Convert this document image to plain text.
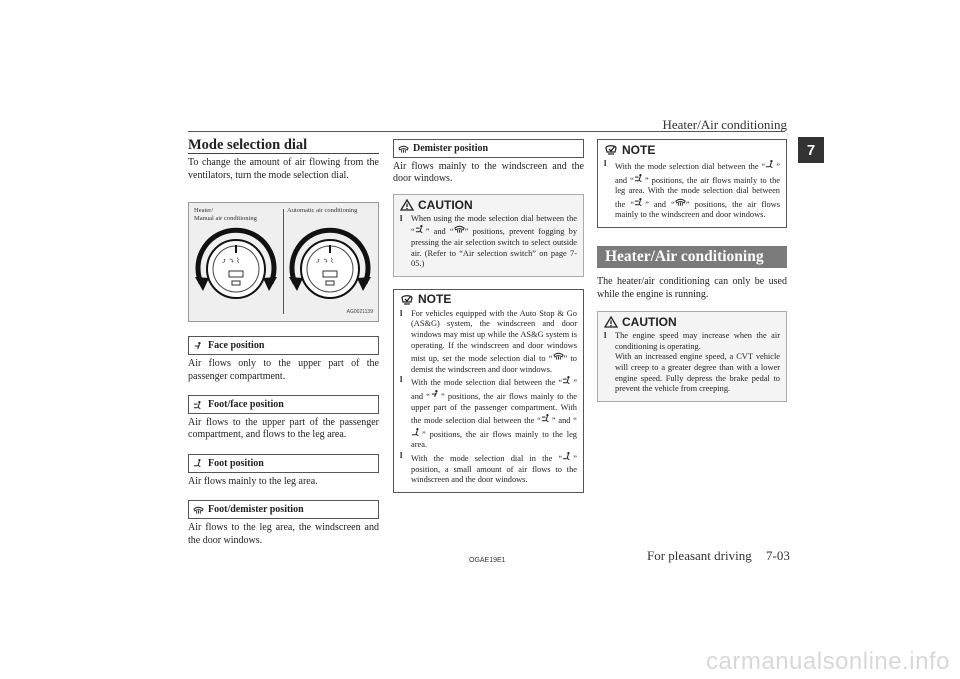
Heater/Air conditioning
7
Mode selection dial

To change the amount of air flowing from the ventilators, turn the mode selection dial.

Heater/
Manual air conditioning
Automatic air conditioning
⤴ ⤵ ⌇	⤴ ⤵ ⌇
AG0021139
Face position

Air flows only to the upper part of the passenger compartment.

Foot/face position

Air flows to the upper part of the passenger compartment, and flows to the leg area.

Foot position

Air flows mainly to the leg area.

Foot/demister position

Air flows to the leg area, the windscreen and the door windows.

Demister position

Air flows mainly to the windscreen and the door windows.

CAUTION
l	When using the mode selection dial between the “ ” and “ ” positions, prevent fogging by pressing the air selection switch to select outside air. (Refer to “Air selection switch” on page 7-05.)
NOTE
l	For vehicles equipped with the Auto Stop & Go (AS&G) system, the windscreen and door windows may mist up while the AS&G system is operating. If the windscreen and door windows mist up, set the mode selection dial to “ ” to demist the windscreen and door windows.
l	With the mode selection dial between the “ ” and “ ” positions, the air flows mainly to the upper part of the passenger compartment. With the mode selection dial between the “ ” and “” positions, the air flows mainly to the leg area.
l	With the mode selection dial in the “ ” position, a small amount of air flows to the windscreen and the door windows.
NOTE
l	With the mode selection dial between the “ ” and “ ” positions, the air flows mainly to the leg area. With the mode selection dial between the “ ” and “ ” positions, the air flows mainly to the windscreen and door windows.
Heater/Air conditioning

The heater/air conditioning can only be used while the engine is running.

CAUTION
l	The engine speed may increase when the air conditioning is operating.
With an increased engine speed, a CVT vehicle will creep to a greater degree than with a lower engine speed. Fully depress the brake pedal to prevent the vehicle from creeping.
OGAE19E1	For pleasant driving 7-03
carmanualsonline.info
